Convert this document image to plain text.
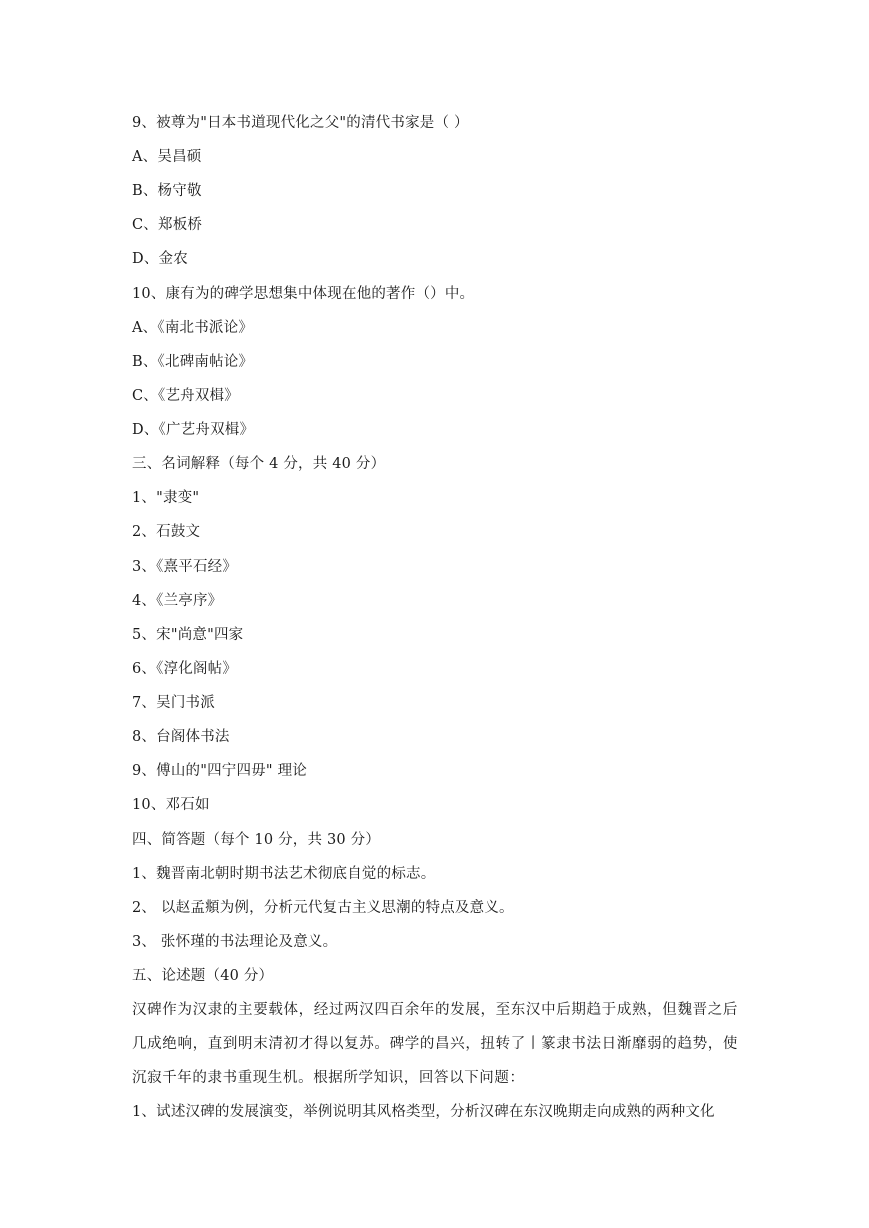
9、被尊为"日本书道现代化之父"的清代书家是（ ）
A、吴昌硕
B、杨守敬
C、郑板桥
D、金农
10、康有为的碑学思想集中体现在他的著作（）中。
A、《南北书派论》
B、《北碑南帖论》
C、《艺舟双楫》
D、《广艺舟双楫》
三、名词解释（每个 4 分，共 40 分）
1、"隶变"
2、石鼓文
3、《熹平石经》
4、《兰亭序》
5、宋"尚意"四家
6、《淳化阁帖》
7、吴门书派
8、台阁体书法
9、傅山的"四宁四毋" 理论
10、邓石如
四、简答题（每个 10 分，共 30 分）
1、魏晋南北朝时期书法艺术彻底自觉的标志。
2、 以赵孟頫为例，分析元代复古主义思潮的特点及意义。
3、 张怀瑾的书法理论及意义。
五、论述题（40 分）
汉碑作为汉隶的主要载体，经过两汉四百余年的发展，至东汉中后期趋于成熟，但魏晋之后几成绝响，直到明末清初才得以复苏。碑学的昌兴，扭转了丨篆隶书法日渐靡弱的趋势，使沉寂千年的隶书重现生机。根据所学知识，回答以下问题：
1、试述汉碑的发展演变，举例说明其风格类型，分析汉碑在东汉晚期走向成熟的两种文化
